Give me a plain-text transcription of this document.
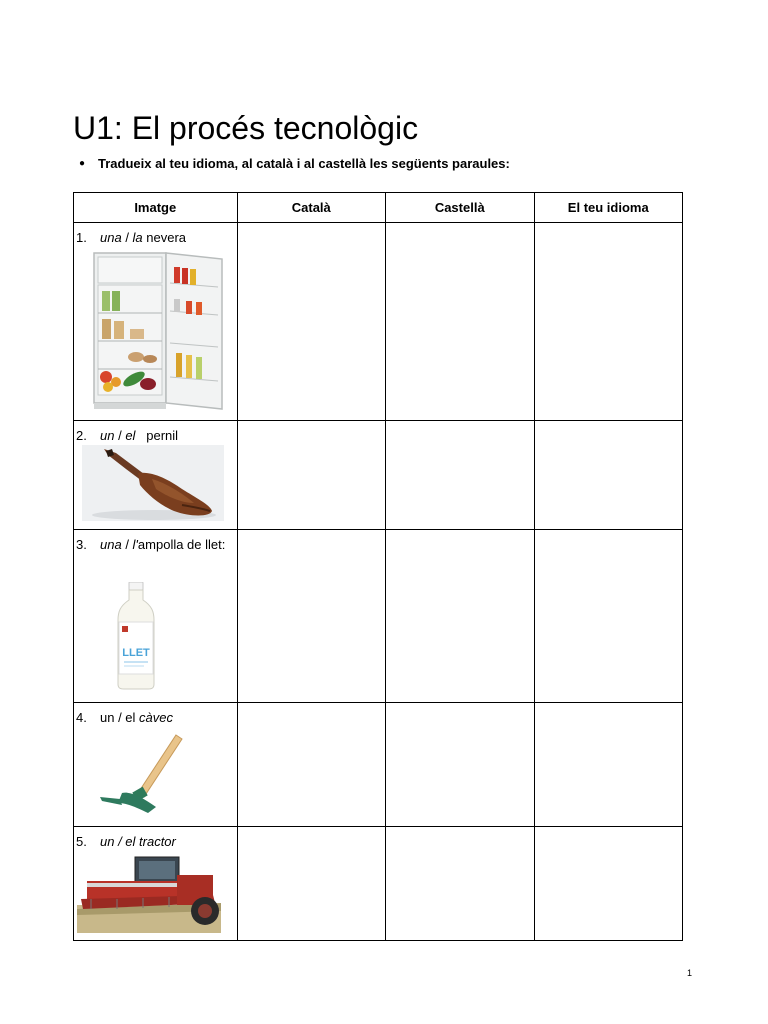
U1: El procés tecnològic
● Tradueix al teu idioma, al català i al castellà les següents paraules:
Imatge	Català	Castellà	El teu idioma

1. una / la nevera			

2. un / el   pernil			

3. una / l'ampolla de llet:
LLET			

4. un / el càvec			

5. un / el tractor			

1
